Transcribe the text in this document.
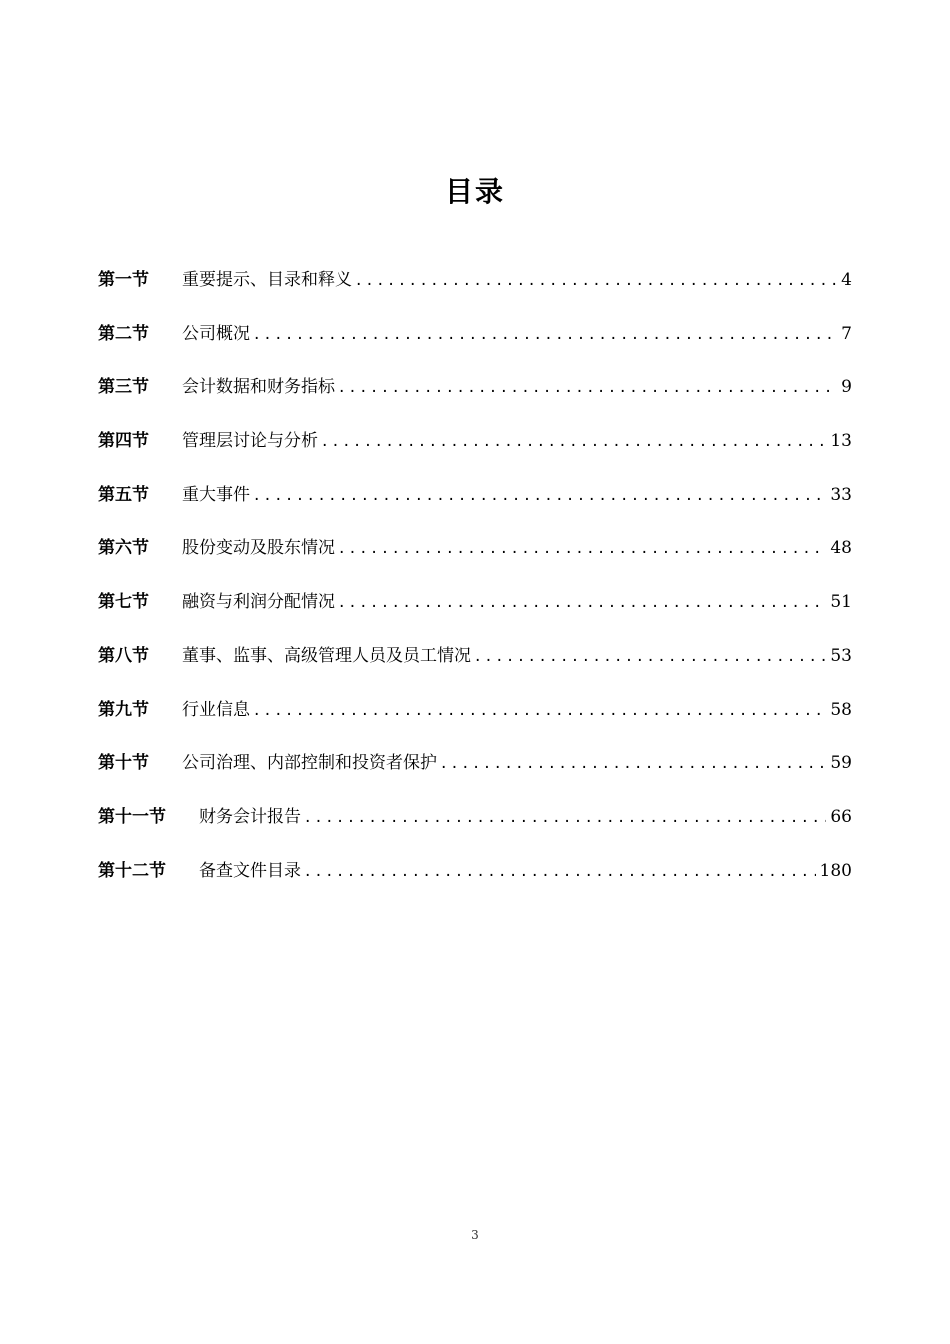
目录
第一节	重要提示、目录和释义 . . .	4
第二节	公司概况 . . .	7
第三节	会计数据和财务指标 . . .	9
第四节	管理层讨论与分析 . . .	13
第五节	重大事件 . . .	33
第六节	股份变动及股东情况 . . .	48
第七节	融资与利润分配情况 . . .	51
第八节	董事、监事、高级管理人员及员工情况 . . .	53
第九节	行业信息 . . .	58
第十节	公司治理、内部控制和投资者保护 . . .	59
第十一节	财务会计报告 . . .	66
第十二节	备查文件目录 . . .	180
3
